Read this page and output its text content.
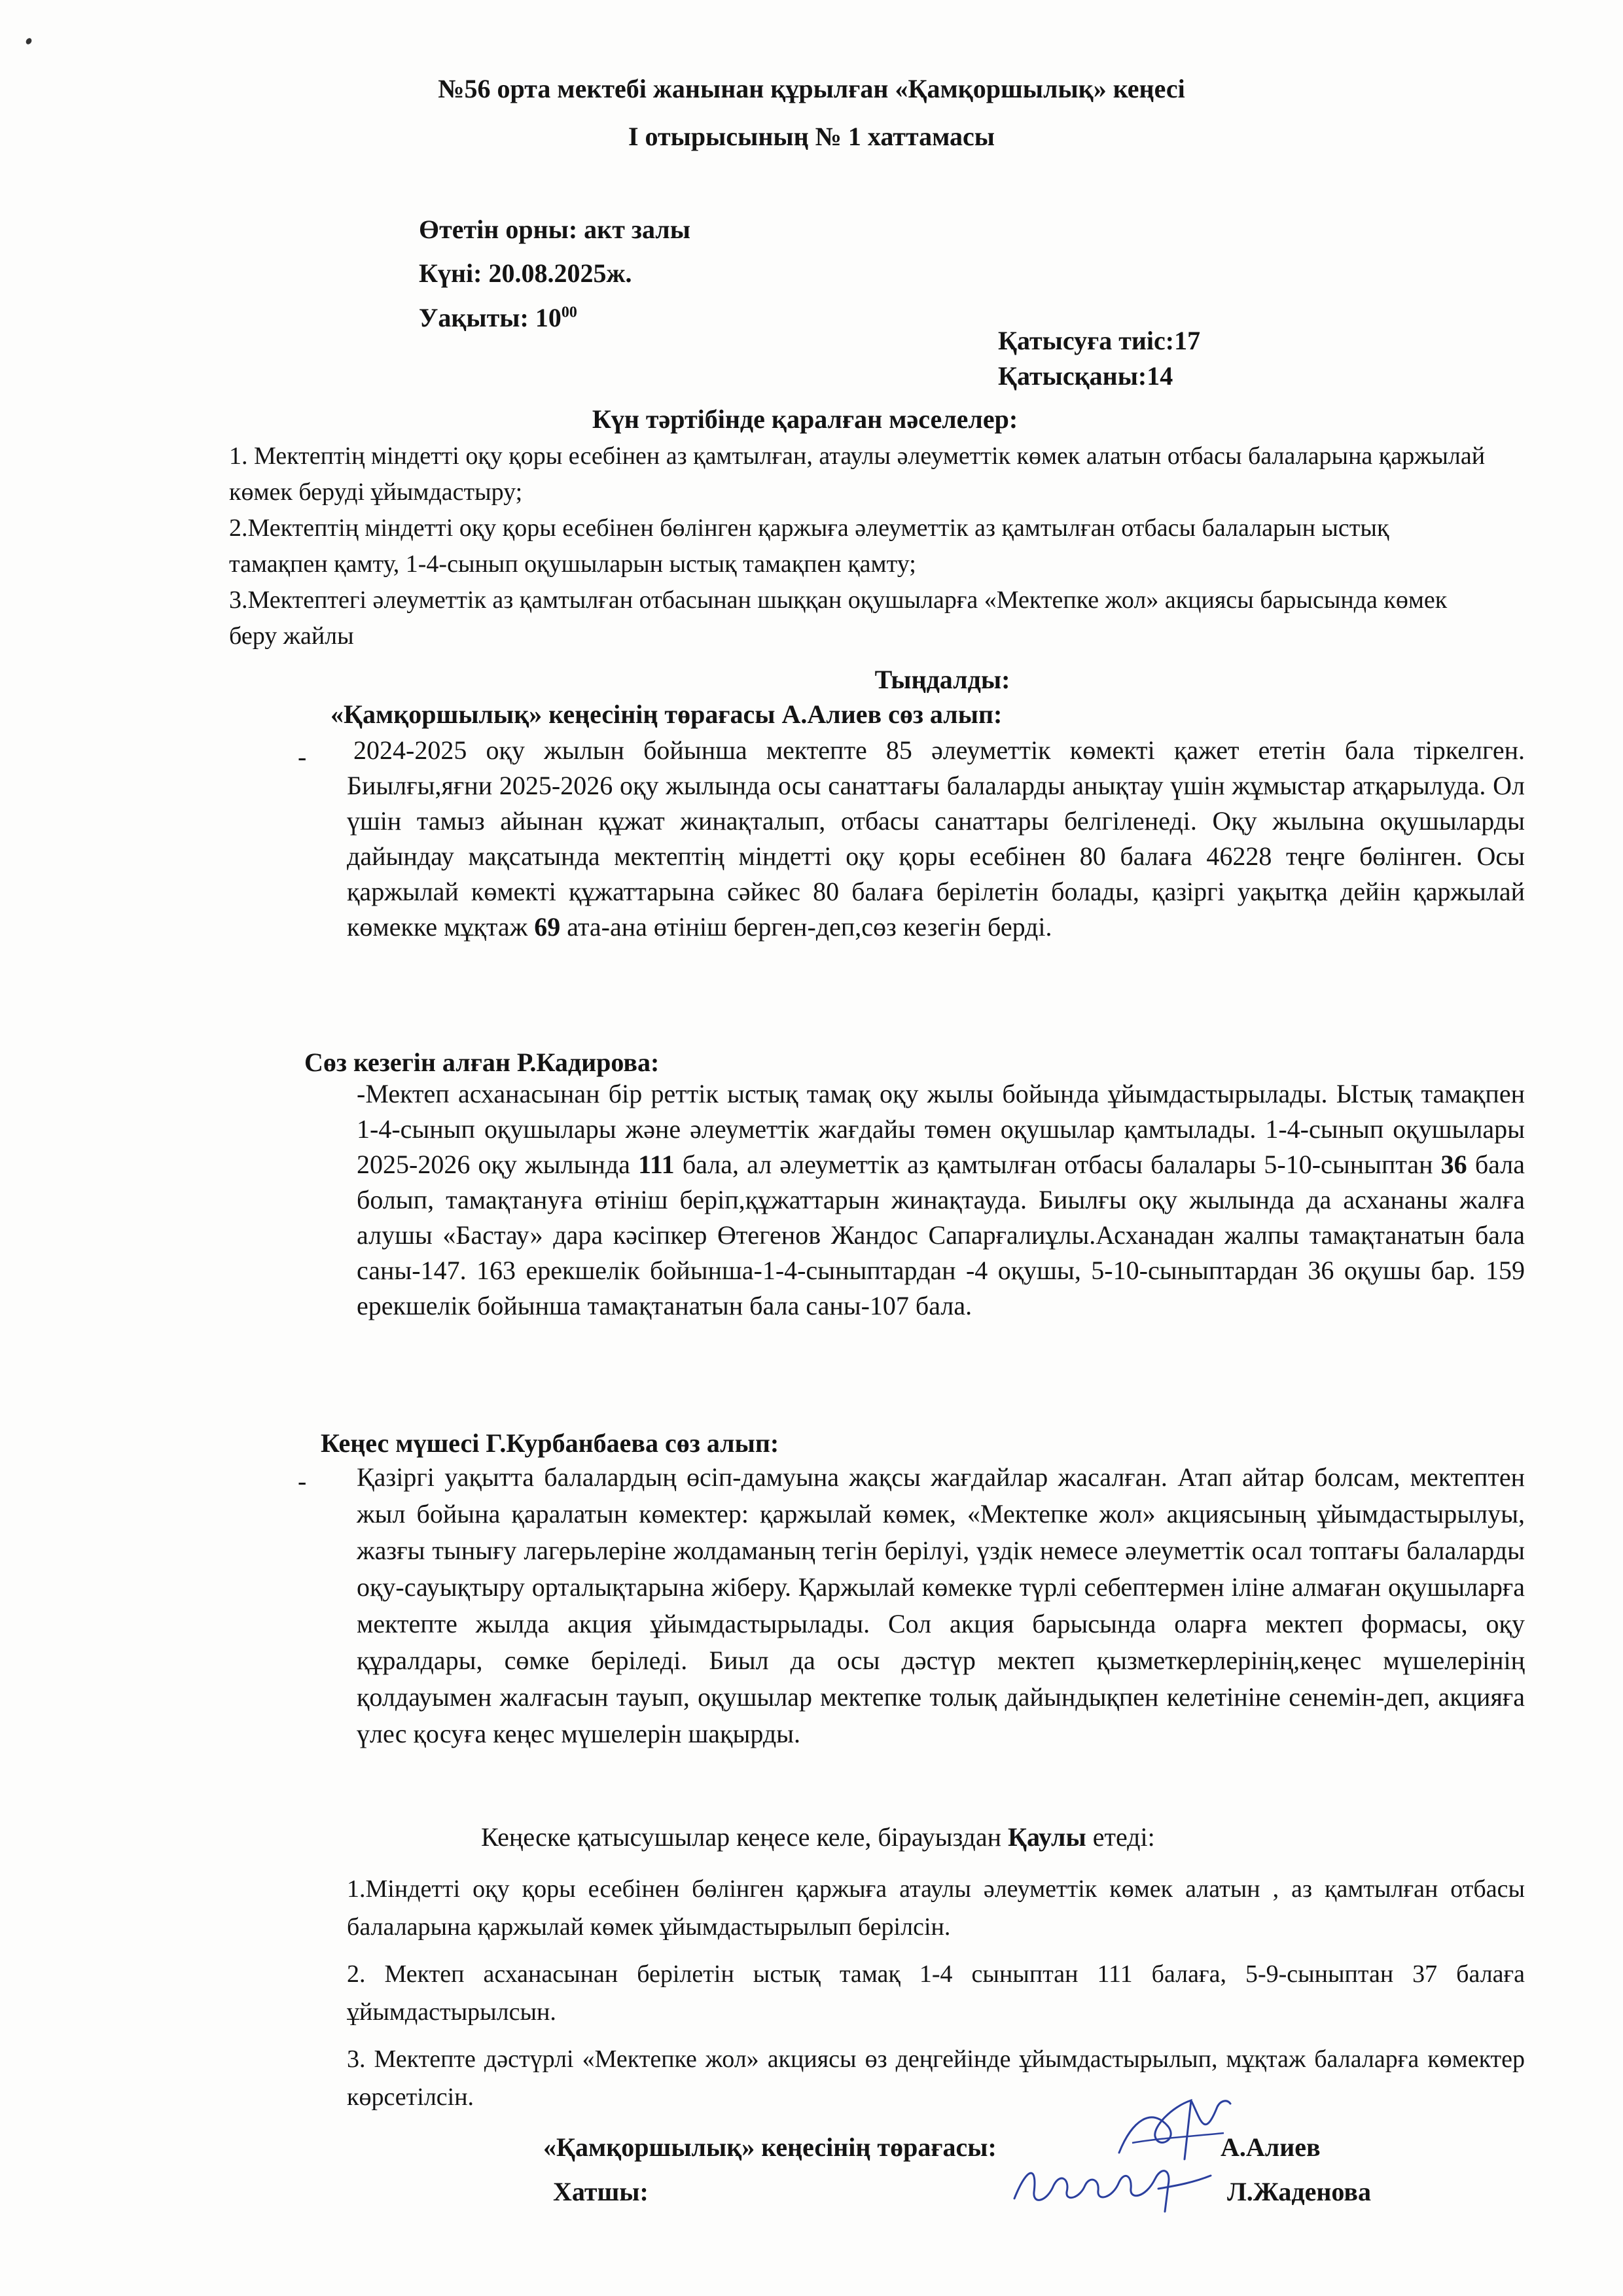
№56 орта мектебі жанынан құрылған «Қамқоршылық» кеңесі
І отырысының № 1 хаттамасы
Өтетін орны: акт залы
Күні: 20.08.2025ж.
Уақыты: $10^{00}$
Қатысуға тиіс:17
Қатысқаны:14
Күн тәртібінде қаралған мәселелер:

1. Мектептің міндетті оқу қоры есебінен аз қамтылған, атаулы әлеуметтік көмек алатын отбасы балаларына қаржылай көмек беруді ұйымдастыру;

2.Мектептің міндетті оқу қоры есебінен бөлінген қаржыға әлеуметтік аз қамтылған отбасы балаларын ыстық тамақпен қамту, 1-4-сынып оқушыларын ыстық тамақпен қамту;

3.Мектептегі әлеуметтік аз қамтылған отбасынан шыққан оқушыларға «Мектепке жол» акциясы барысында көмек беру жайлы

Тыңдалды:
«Қамқоршылық» кеңесінің төрағасы А.Алиев сөз алып:
- 2024-2025 оқу жылын бойынша мектепте 85 әлеуметтік көмекті қажет ететін бала тіркелген. Биылғы,яғни 2025-2026 оқу жылында осы санаттағы балаларды анықтау үшін жұмыстар атқарылуда. Ол үшін тамыз айынан құжат жинақталып, отбасы санаттары белгіленеді. Оқу жылына оқушыларды дайындау мақсатында мектептің міндетті оқу қоры есебінен 80 балаға 46228 теңге бөлінген. Осы қаржылай көмекті құжаттарына сәйкес 80 балаға берілетін болады, қазіргі уақытқа дейін қаржылай көмекке мұқтаж 69 ата-ана өтініш берген-деп,сөз кезегін берді.

Сөз кезегін алған Р.Кадирова:

-Мектеп асханасынан бір реттік ыстық тамақ оқу жылы бойында ұйымдастырылады. Ыстық тамақпен 1-4-сынып оқушылары және әлеуметтік жағдайы төмен оқушылар қамтылады. 1-4-сынып оқушылары 2025-2026 оқу жылында 111 бала, ал әлеуметтік аз қамтылған отбасы балалары 5-10-сыныптан 36 бала болып, тамақтануға өтініш беріп,құжаттарын жинақтауда. Биылғы оқу жылында да асхананы жалға алушы «Бастау» дара кәсіпкер Өтегенов Жандос Сапарғалиұлы.Асханадан жалпы тамақтанатын бала саны-147. 163 ерекшелік бойынша-1-4-сыныптардан -4 оқушы, 5-10-сыныптардан 36 оқушы бар. 159 ерекшелік бойынша тамақтанатын бала саны-107 бала.

Кеңес мүшесі Г.Курбанбаева сөз алып:
- Қазіргі уақытта балалардың өсіп-дамуына жақсы жағдайлар жасалған. Атап айтар болсам, мектептен жыл бойына қаралатын көмектер: қаржылай көмек, «Мектепке жол» акциясының ұйымдастырылуы, жазғы тынығу лагерьлеріне жолдаманың тегін берілуі, үздік немесе әлеуметтік осал топтағы балаларды оқу-сауықтыру орталықтарына жіберу. Қаржылай көмекке түрлі себептермен іліне алмаған оқушыларға мектепте жылда акция ұйымдастырылады. Сол акция барысында оларға мектеп формасы, оқу құралдары, сөмке беріледі. Биыл да осы дәстүр мектеп қызметкерлерінің,кеңес мүшелерінің қолдауымен жалғасын тауып, оқушылар мектепке толық дайындықпен келетініне сенемін-деп, акцияға үлес қосуға кеңес мүшелерін шақырды.

Кеңеске қатысушылар кеңесе келе, бірауыздан Қаулы етеді:

1.Міндетті оқу қоры есебінен бөлінген қаржыға атаулы әлеуметтік көмек алатын , аз қамтылған отбасы балаларына қаржылай көмек ұйымдастырылып берілсін.

2. Мектеп асханасынан берілетін ыстық тамақ 1-4 сыныптан 111 балаға, 5-9-сыныптан 37 балаға ұйымдастырылсын.

3. Мектепте дәстүрлі «Мектепке жол» акциясы өз деңгейінде ұйымдастырылып, мұқтаж балаларға көмектер көрсетілсін.

«Қамқоршылық» кеңесінің төрағасы:	А.Алиев
Хатшы:	Л.Жаденова
